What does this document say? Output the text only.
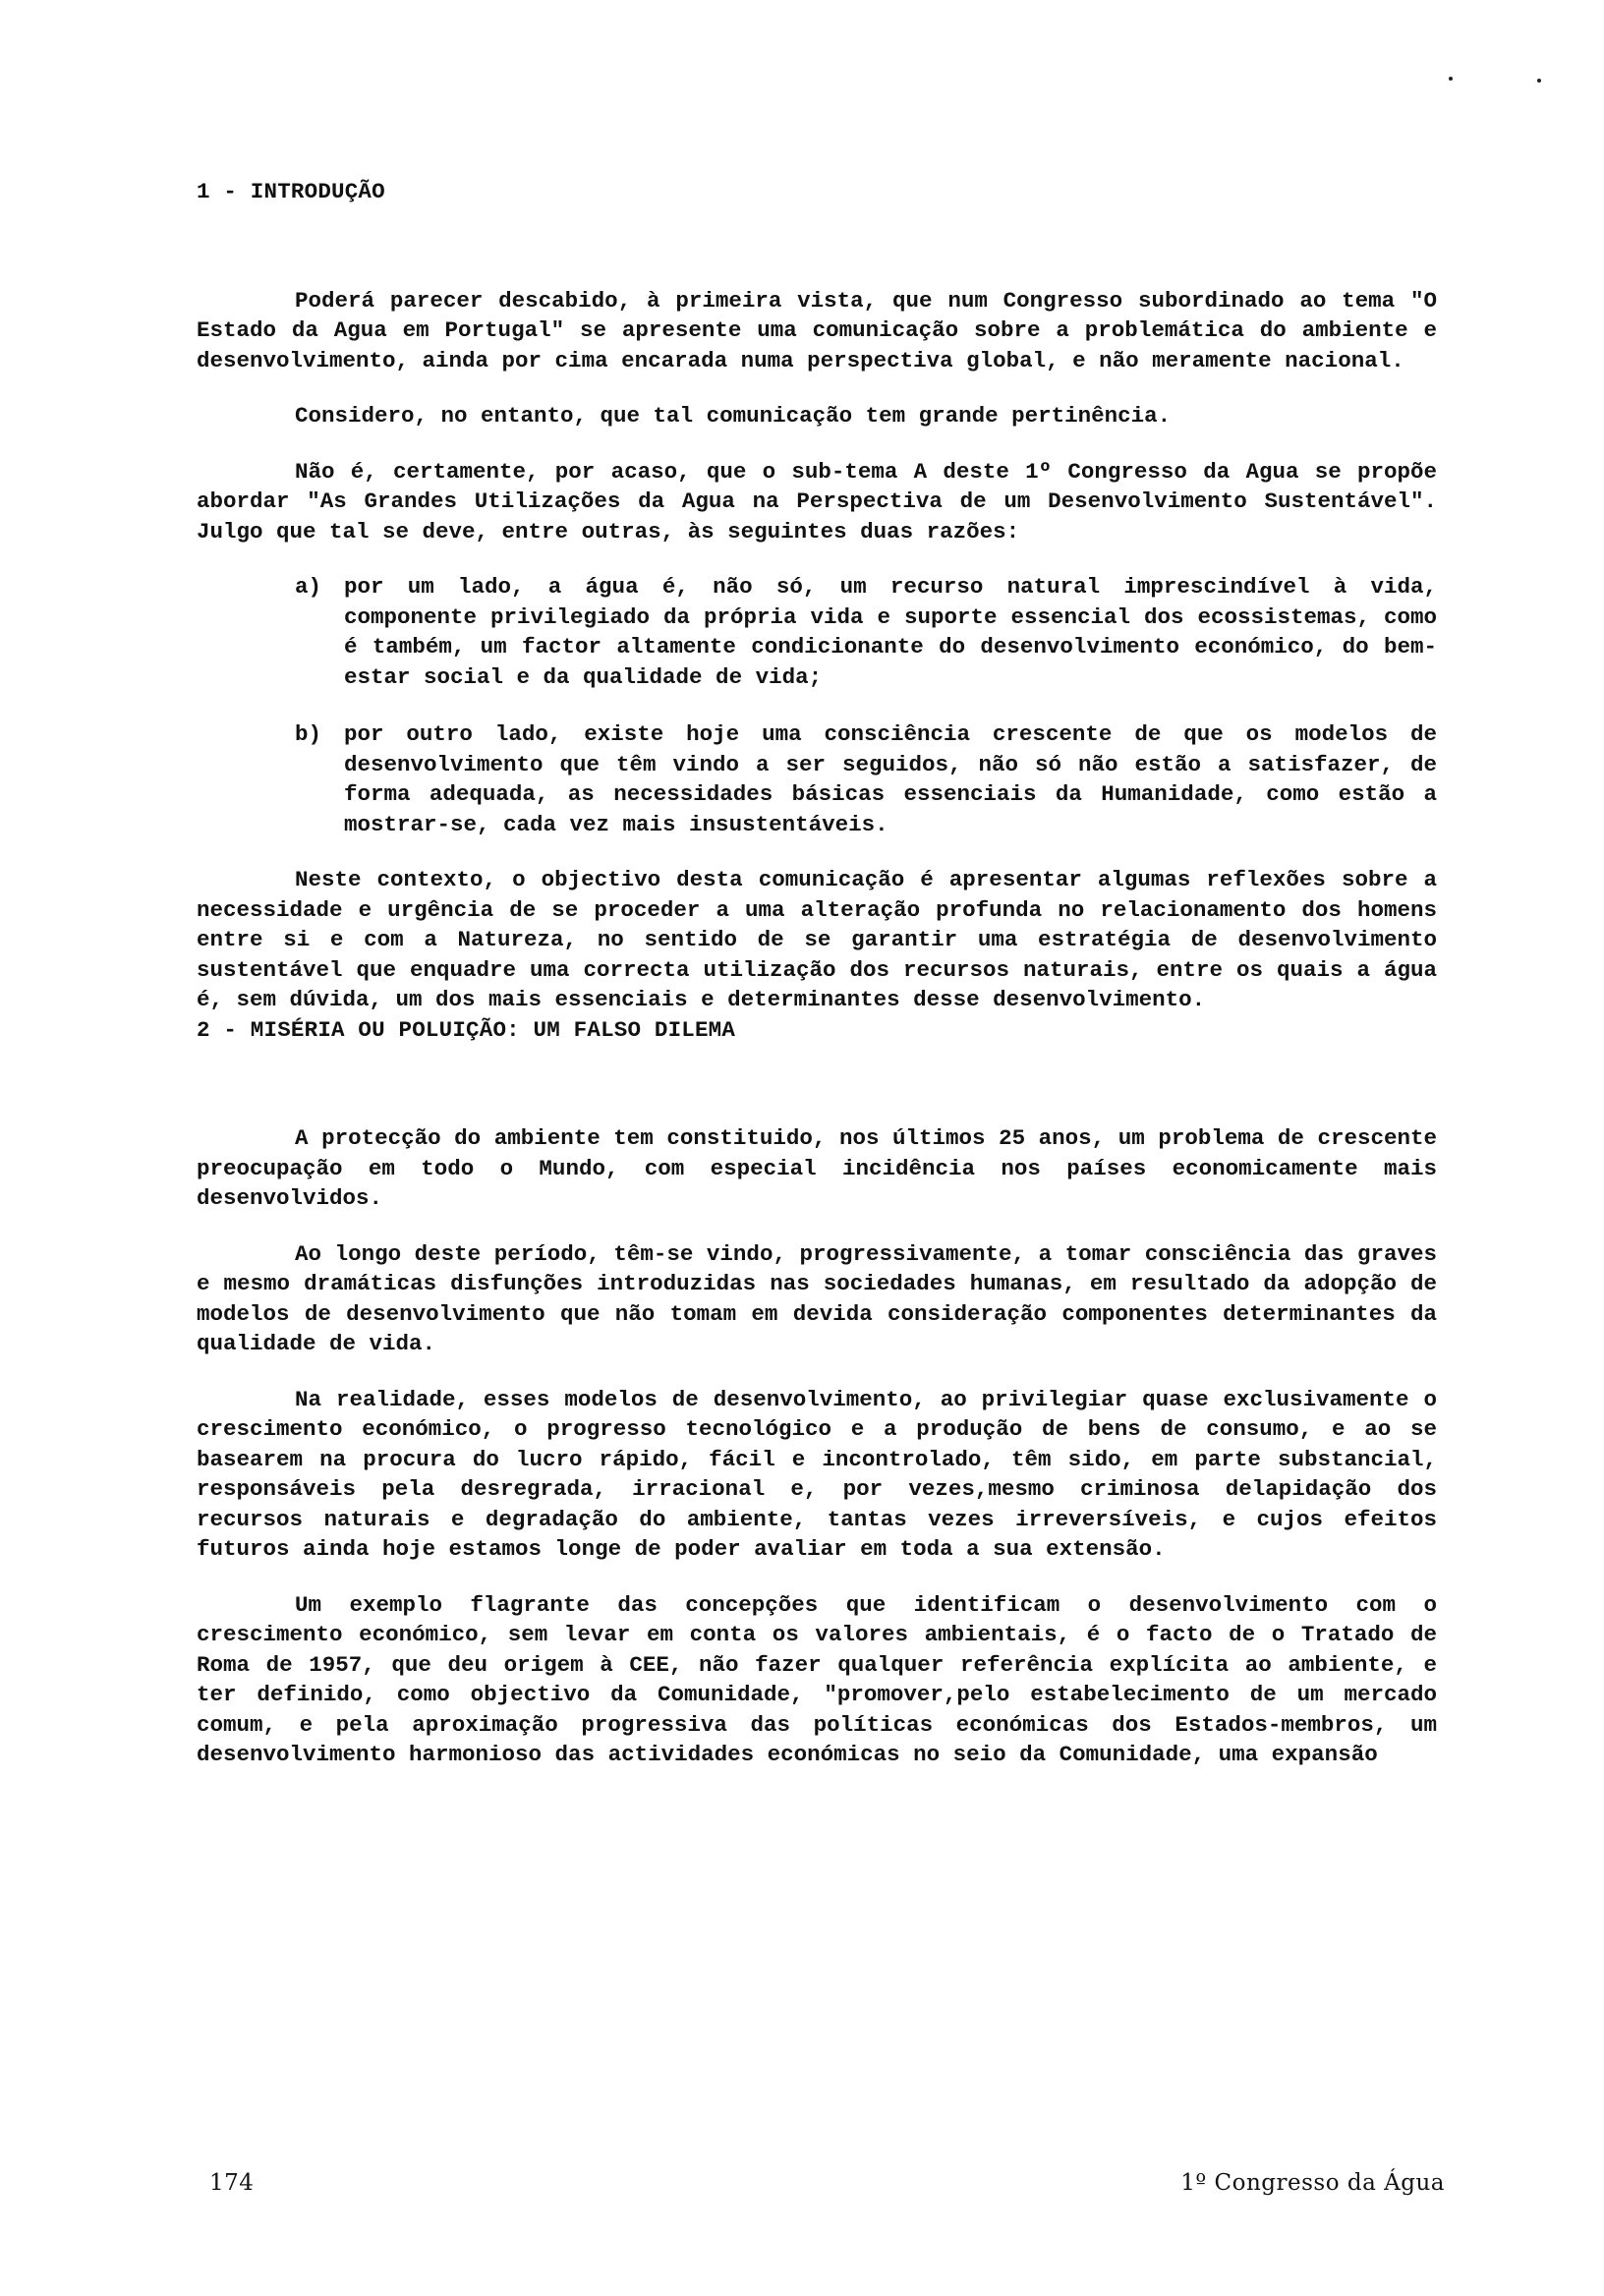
1 - INTRODUÇÃO

Poderá parecer descabido, à primeira vista, que num Congresso subordinado ao tema "O Estado da Agua em Portugal" se apresente uma comunicação sobre a problemática do ambiente e desenvolvimento, ainda por cima encarada numa perspectiva global, e não meramente nacional.

Considero, no entanto, que tal comunicação tem grande pertinência.

Não é, certamente, por acaso, que o sub-tema A deste 1º Congresso da Agua se propõe abordar "As Grandes Utilizações da Agua na Perspectiva de um Desenvolvimento Sustentável". Julgo que tal se deve, entre outras, às seguintes duas razões:

a) por um lado, a água é, não só, um recurso natural imprescindível à vida, componente privilegiado da própria vida e suporte essencial dos ecossistemas, como é também, um factor altamente condicionante do desenvolvimento económico, do bem-estar social e da qualidade de vida;
b) por outro lado, existe hoje uma consciência crescente de que os modelos de desenvolvimento que têm vindo a ser seguidos, não só não estão a satisfazer, de forma adequada, as necessidades básicas essenciais da Humanidade, como estão a mostrar-se, cada vez mais insustentáveis.

Neste contexto, o objectivo desta comunicação é apresentar algumas reflexões sobre a necessidade e urgência de se proceder a uma alteração profunda no relacionamento dos homens entre si e com a Natureza, no sentido de se garantir uma estratégia de desenvolvimento sustentável que enquadre uma correcta utilização dos recursos naturais, entre os quais a água é, sem dúvida, um dos mais essenciais e determinantes desse desenvolvimento.

2 - MISÉRIA OU POLUIÇÃO: UM FALSO DILEMA

A protecção do ambiente tem constituido, nos últimos 25 anos, um problema de crescente preocupação em todo o Mundo, com especial incidência nos países economicamente mais desenvolvidos.

Ao longo deste período, têm-se vindo, progressivamente, a tomar consciência das graves e mesmo dramáticas disfunções introduzidas nas sociedades humanas, em resultado da adopção de modelos de desenvolvimento que não tomam em devida consideração componentes determinantes da qualidade de vida.

Na realidade, esses modelos de desenvolvimento, ao privilegiar quase exclusivamente o crescimento económico, o progresso tecnológico e a produção de bens de consumo, e ao se basearem na procura do lucro rápido, fácil e incontrolado, têm sido, em parte substancial, responsáveis pela desregrada, irracional e, por vezes,mesmo criminosa delapidação dos recursos naturais e degradação do ambiente, tantas vezes irreversíveis, e cujos efeitos futuros ainda hoje estamos longe de poder avaliar em toda a sua extensão.

Um exemplo flagrante das concepções que identificam o desenvolvimento com o crescimento económico, sem levar em conta os valores ambientais, é o facto de o Tratado de Roma de 1957, que deu origem à CEE, não fazer qualquer referência explícita ao ambiente, e ter definido, como objectivo da Comunidade, "promover,pelo estabelecimento de um mercado comum, e pela aproximação progressiva das políticas económicas dos Estados-membros, um desenvolvimento harmonioso das actividades económicas no seio da Comunidade, uma expansão

174	1º Congresso da Água
